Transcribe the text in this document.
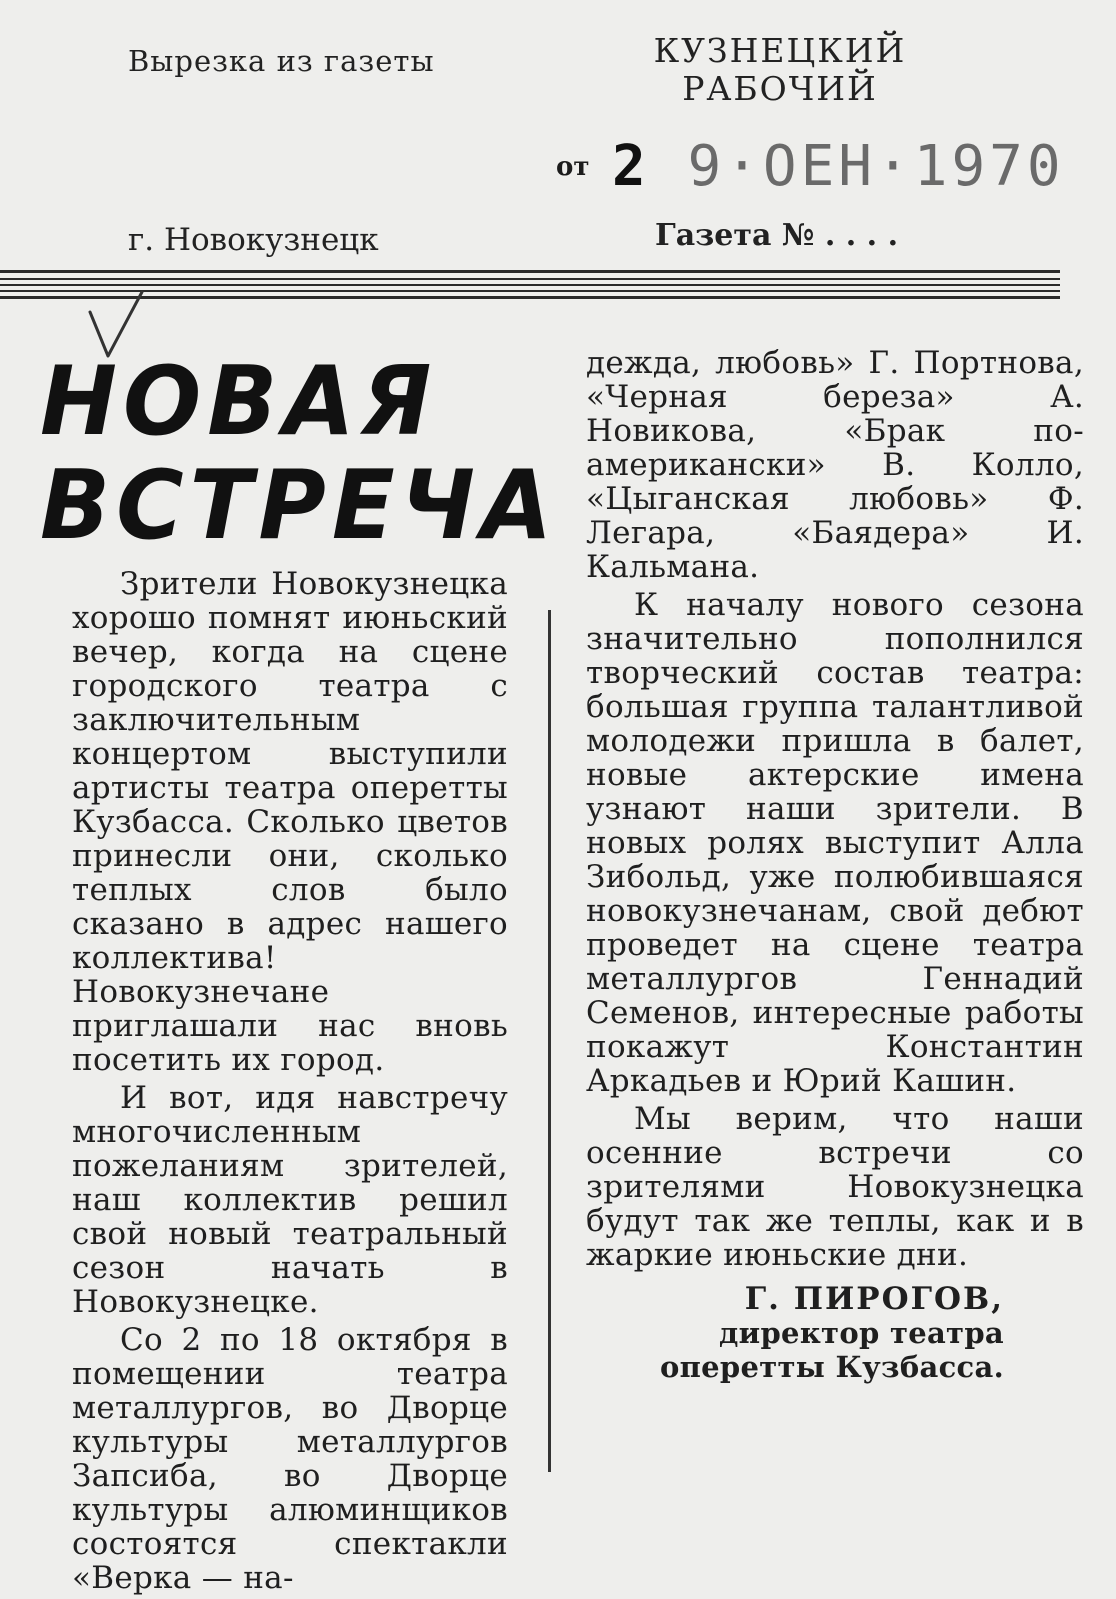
Вырезка из газеты	КУЗНЕЦКИЙ
РАБОЧИЙ
от 2 9·ОЕН·1970
г. Новокузнецк	Газета № . . . .
НОВАЯ
ВСТРЕЧА

Зрители Новокузнецка хорошо помнят июньский вечер, когда на сцене городского театра с заключительным концертом выступили артисты театра оперетты Кузбасса. Сколько цветов принесли они, сколько теплых слов было сказано в адрес нашего коллектива! Новокузнечане приглашали нас вновь посетить их город.

И вот, идя навстречу многочисленным пожеланиям зрителей, наш коллектив решил свой новый театральный сезон начать в Новокузнецке.

Со 2 по 18 октября в помещении театра металлургов, во Дворце культуры металлургов Запсиба, во Дворце культуры алюминщиков состоятся спектакли «Верка — на-

дежда, любовь» Г. Портнова, «Черная береза» А. Новикова, «Брак по-американски» В. Колло, «Цыганская любовь» Ф. Легара, «Баядера» И. Кальмана.

К началу нового сезона значительно пополнился творческий состав театра: большая группа талантливой молодежи пришла в балет, новые актерские имена узнают наши зрители. В новых ролях выступит Алла Зибольд, уже полюбившаяся новокузнечанам, свой дебют проведет на сцене театра металлургов Геннадий Семенов, интересные работы покажут Константин Аркадьев и Юрий Кашин.

Мы верим, что наши осенние встречи со зрителями Новокузнецка будут так же теплы, как и в жаркие июньские дни.

Г. ПИРОГОВ,
директор театра
оперетты Кузбасса.
